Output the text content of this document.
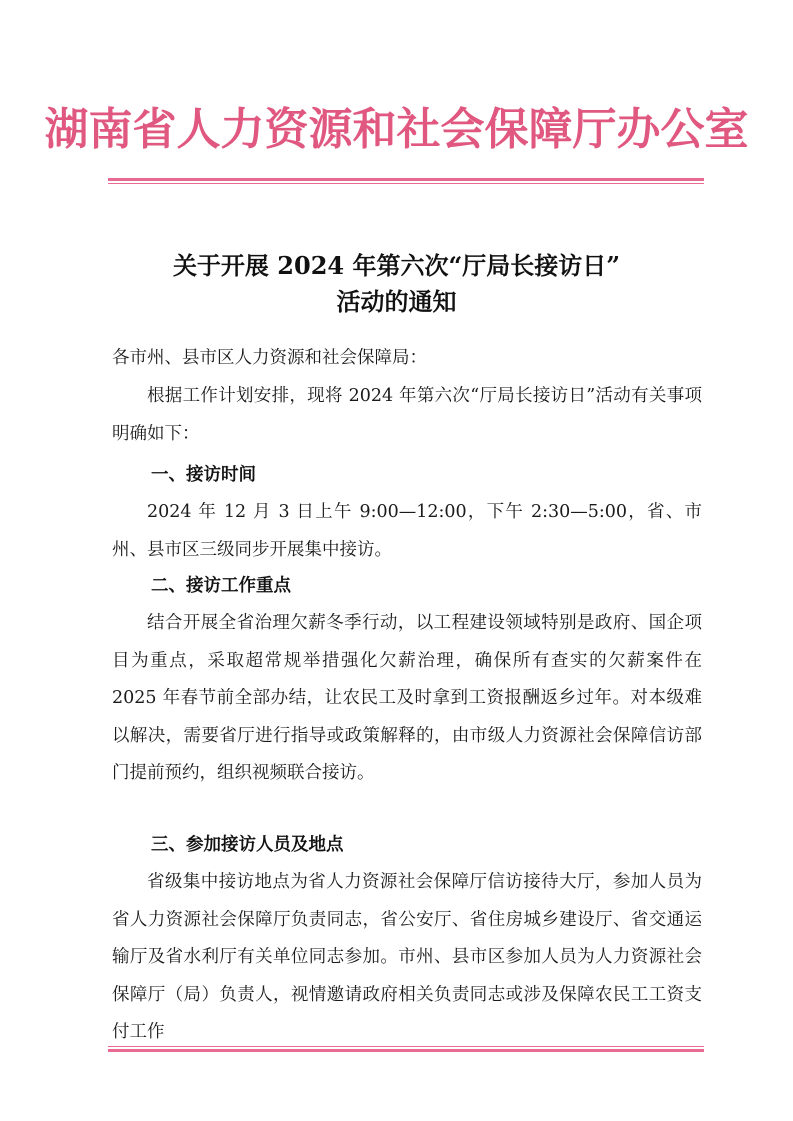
湖南省人力资源和社会保障厅办公室
关于开展 2024 年第六次“厅局长接访日”
活动的通知
各市州、县市区人力资源和社会保障局：
根据工作计划安排，现将 2024 年第六次“厅局长接访日”活动有关事项明确如下：
一、接访时间
2024 年 12 月 3 日上午 9:00—12:00，下午 2:30—5:00，省、市州、县市区三级同步开展集中接访。
二、接访工作重点
结合开展全省治理欠薪冬季行动，以工程建设领域特别是政府、国企项目为重点，采取超常规举措强化欠薪治理，确保所有查实的欠薪案件在 2025 年春节前全部办结，让农民工及时拿到工资报酬返乡过年。对本级难以解决，需要省厅进行指导或政策解释的，由市级人力资源社会保障信访部门提前预约，组织视频联合接访。
三、参加接访人员及地点
省级集中接访地点为省人力资源社会保障厅信访接待大厅，参加人员为省人力资源社会保障厅负责同志，省公安厅、省住房城乡建设厅、省交通运输厅及省水利厅有关单位同志参加。市州、县市区参加人员为人力资源社会保障厅（局）负责人，视情邀请政府相关负责同志或涉及保障农民工工资支付工作
